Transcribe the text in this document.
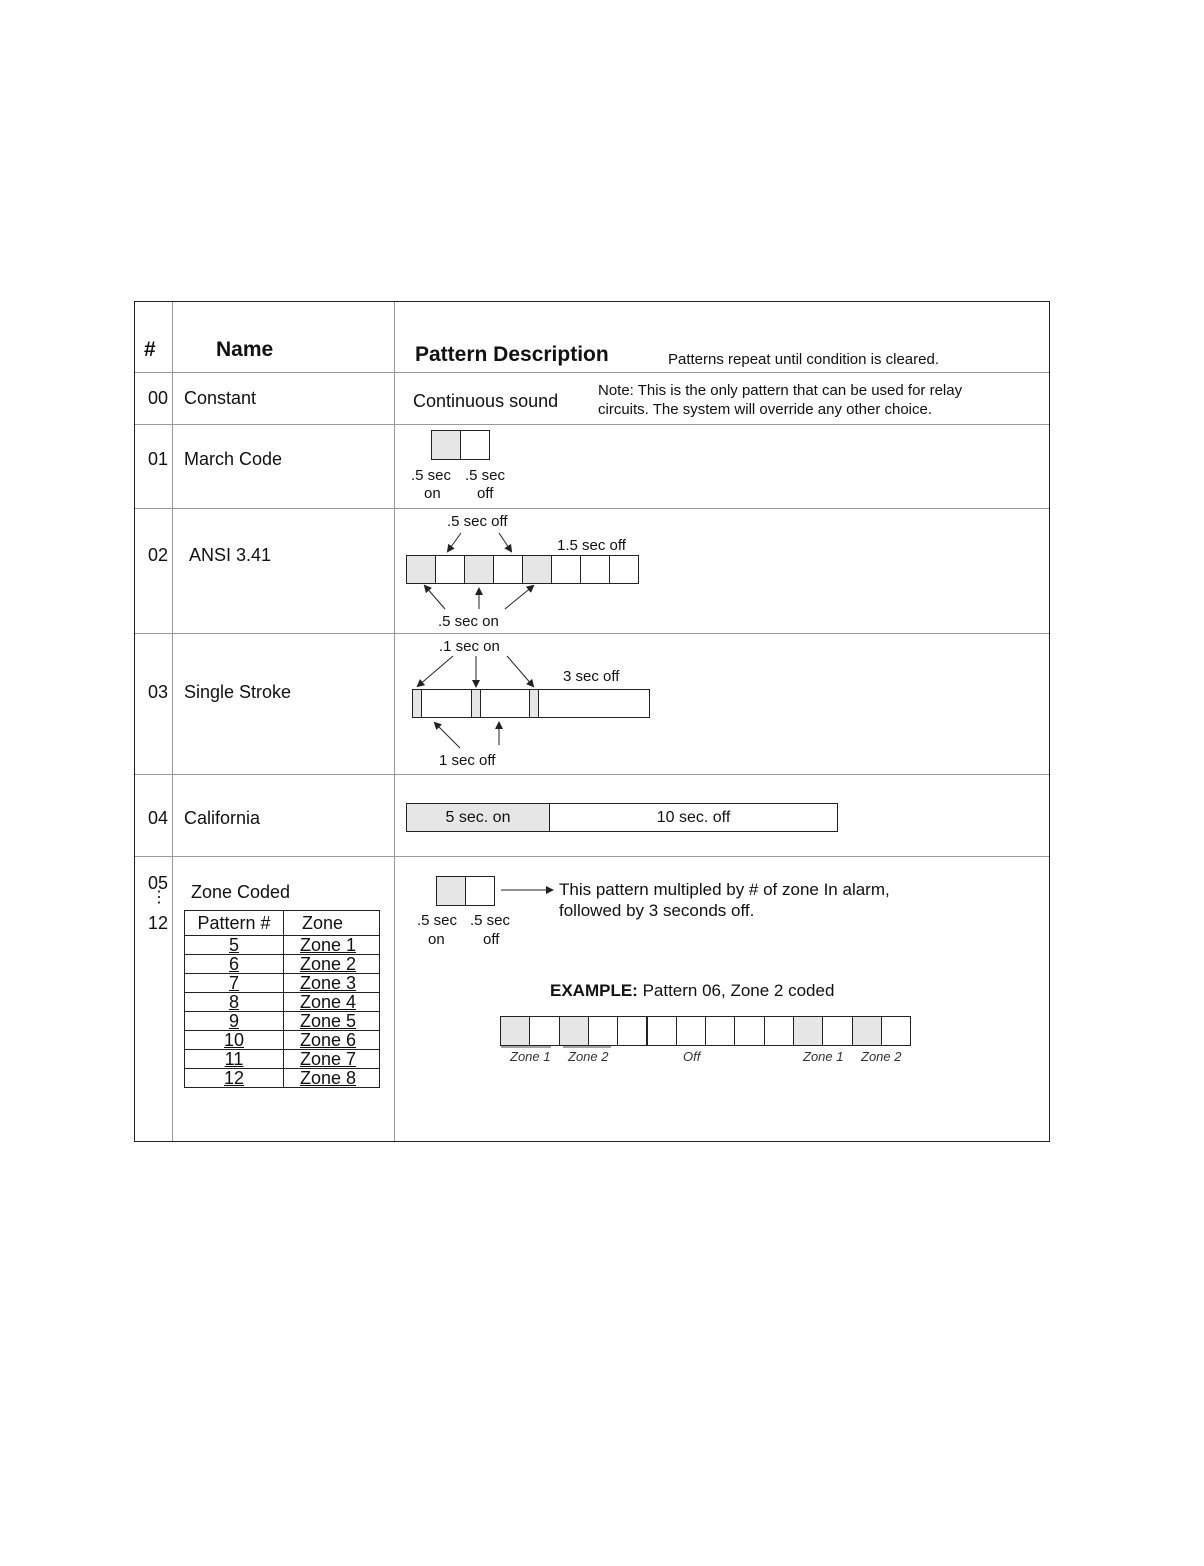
#	Name	Pattern Description	Patterns repeat until condition is cleared.
00 Constant	Continuous sound
Note: This is the only pattern that can be used for relay
circuits. The system will override any other choice.
01 March Code
.5 sec
on
.5 sec
off
02 ANSI 3.41
.5 sec off
1.5 sec off
.5 sec on
03 Single Stroke
.1 sec on
3 sec off
1 sec off
04 California	5 sec. on	10 sec. off
05
⋮
12
Zone Coded
Pattern #	Zone
5	Zone 1
6	Zone 2
7	Zone 3
8	Zone 4
9	Zone 5
10	Zone 6
11	Zone 7
12	Zone 8
.5 sec
on
.5 sec
off
This pattern multipled by # of zone In alarm,
followed by 3 seconds off.
EXAMPLE: Pattern 06, Zone 2 coded
Zone 1 Zone 2	Off	Zone 1 Zone 2
